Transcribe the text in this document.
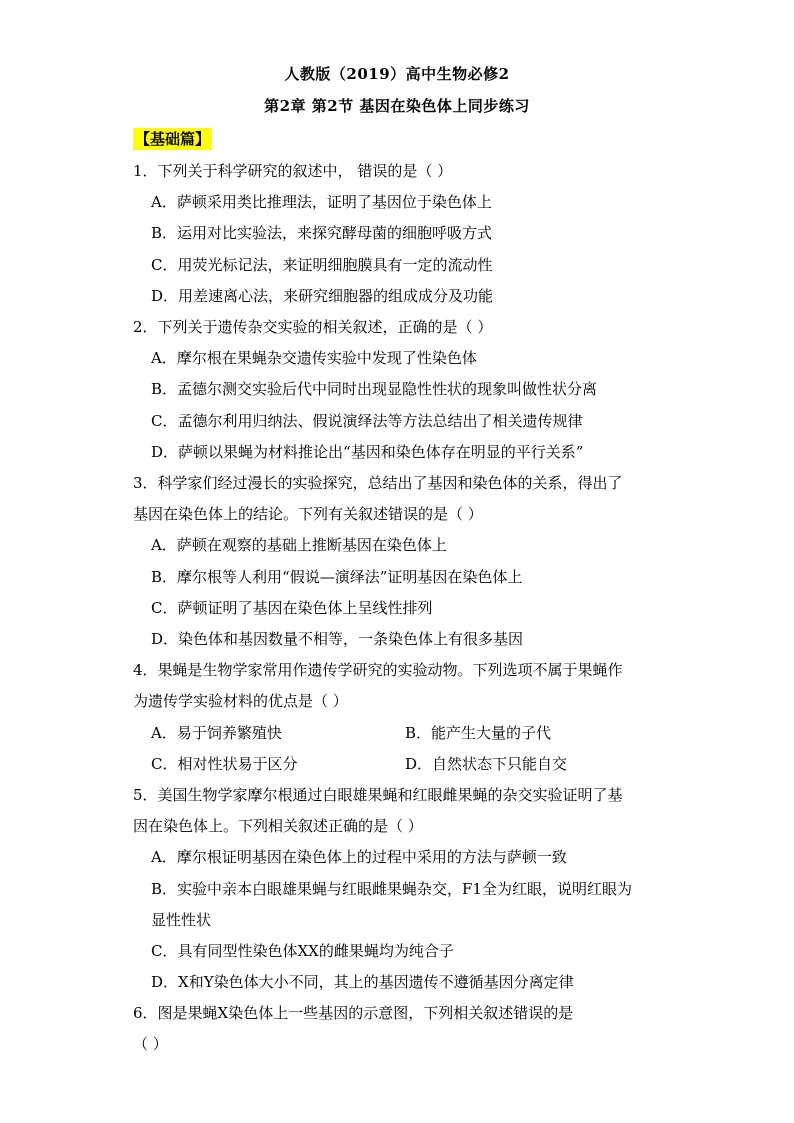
人教版（2019）高中生物必修2
第2章 第2节 基因在染色体上同步练习
【基础篇】
1．下列关于科学研究的叙述中， 错误的是（ ）
A．萨顿采用类比推理法，证明了基因位于染色体上
B．运用对比实验法，来探究酵母菌的细胞呼吸方式
C．用荧光标记法，来证明细胞膜具有一定的流动性
D．用差速离心法，来研究细胞器的组成成分及功能
2．下列关于遗传杂交实验的相关叙述，正确的是（ ）
A．摩尔根在果蝇杂交遗传实验中发现了性染色体
B．孟德尔测交实验后代中同时出现显隐性性状的现象叫做性状分离
C．孟德尔利用归纳法、假说演绎法等方法总结出了相关遗传规律
D．萨顿以果蝇为材料推论出“基因和染色体存在明显的平行关系”
3．科学家们经过漫长的实验探究，总结出了基因和染色体的关系，得出了
基因在染色体上的结论。下列有关叙述错误的是（ ）
A．萨顿在观察的基础上推断基因在染色体上
B．摩尔根等人利用“假说—演绎法”证明基因在染色体上
C．萨顿证明了基因在染色体上呈线性排列
D．染色体和基因数量不相等，一条染色体上有很多基因
4．果蝇是生物学家常用作遗传学研究的实验动物。下列选项不属于果蝇作
为遗传学实验材料的优点是（ ）
A．易于饲养繁殖快	B．能产生大量的子代
C．相对性状易于区分	D．自然状态下只能自交
5．美国生物学家摩尔根通过白眼雄果蝇和红眼雌果蝇的杂交实验证明了基
因在染色体上。下列相关叙述正确的是（ ）
A．摩尔根证明基因在染色体上的过程中采用的方法与萨顿一致
B．实验中亲本白眼雄果蝇与红眼雌果蝇杂交，F1全为红眼，说明红眼为
显性性状
C．具有同型性染色体XX的雌果蝇均为纯合子
D．X和Y染色体大小不同，其上的基因遗传不遵循基因分离定律
6．图是果蝇X染色体上一些基因的示意图，下列相关叙述错误的是
（ ）
